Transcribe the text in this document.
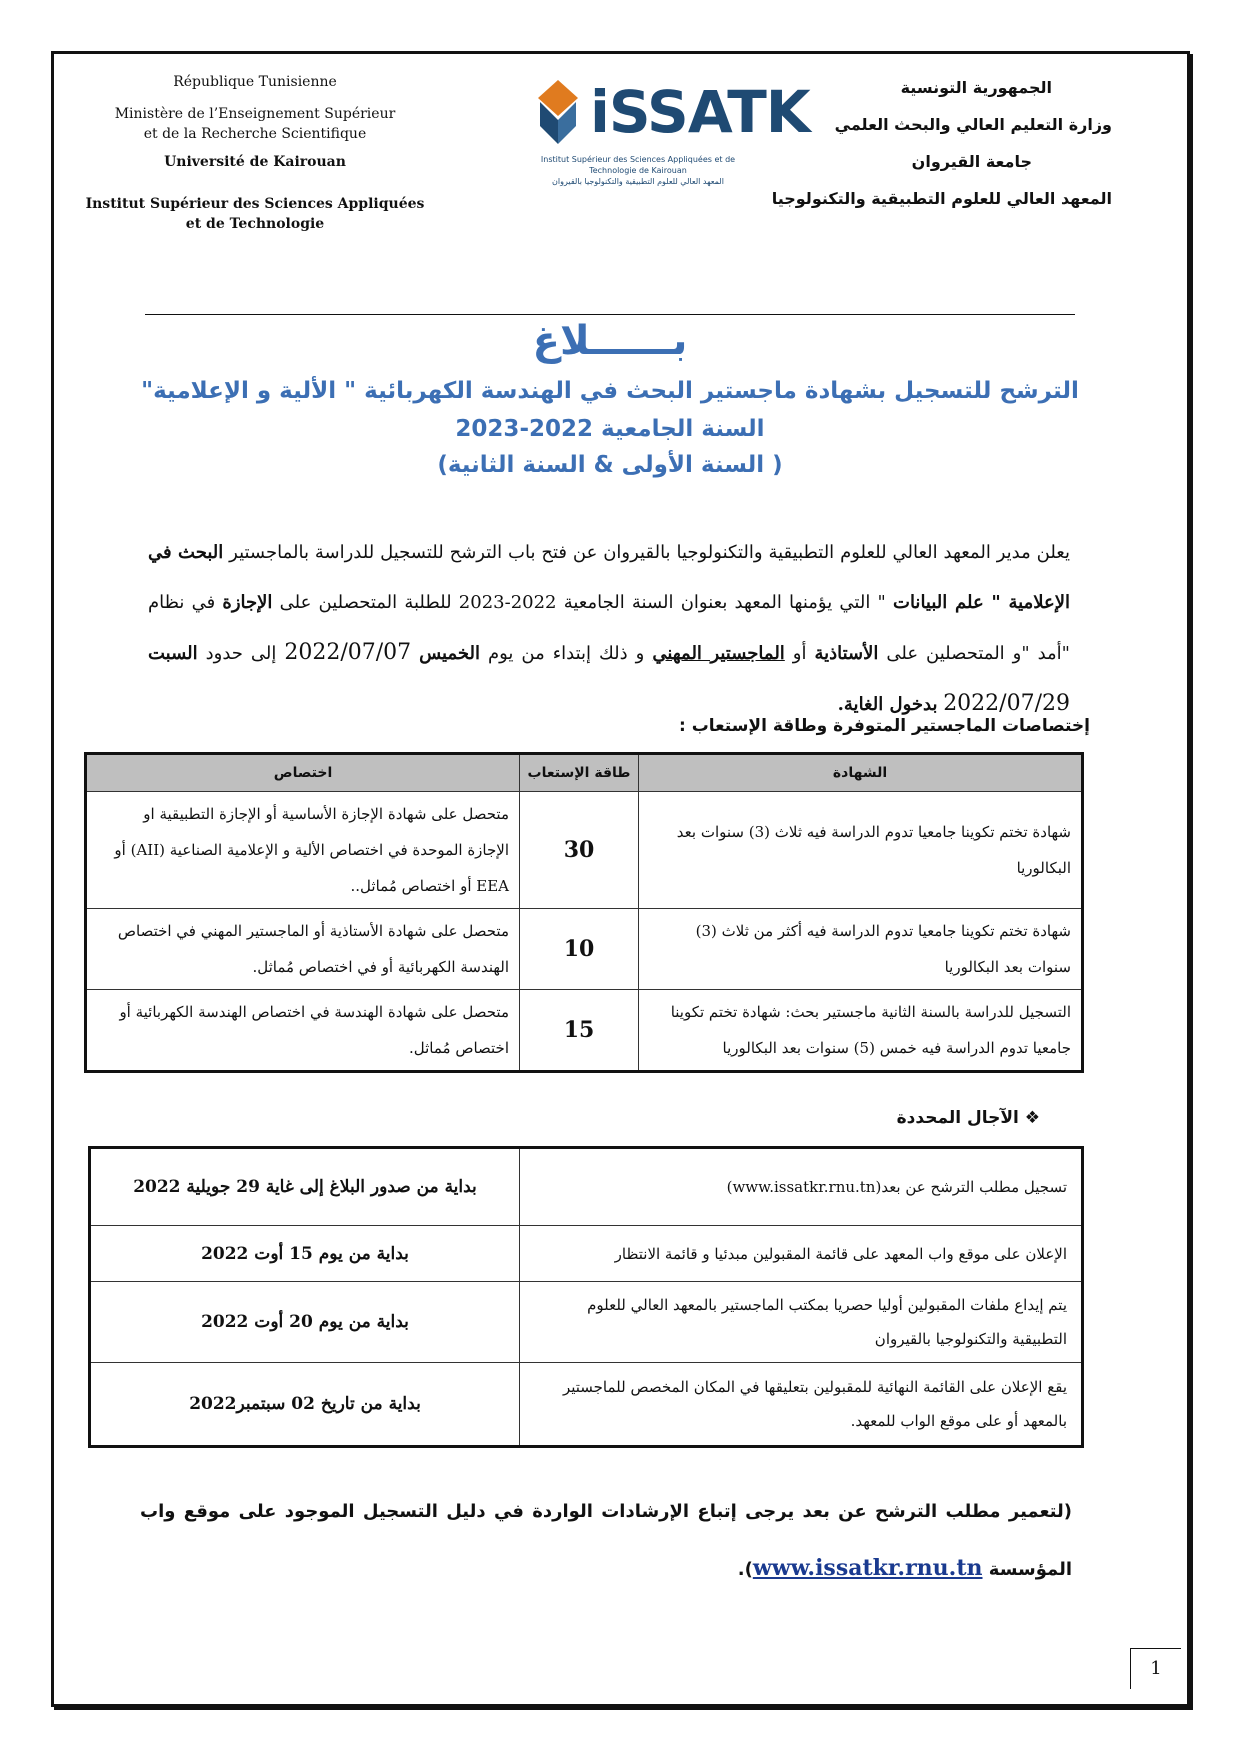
République Tunisienne
Ministère de l’Enseignement Supérieur
et de la Recherche Scientifique
Université de Kairouan
Institut Supérieur des Sciences Appliquées
et de Technologie
iSSATK
Institut Supérieur des Sciences Appliquées et de Technologie de Kairouan
المعهد العالي للعلوم التطبيقية والتكنولوجيا بالقيروان
الجمهورية التونسية
وزارة التعليم العالي والبحث العلمي
جامعة القيروان
المعهد العالي للعلوم التطبيقية والتكنولوجيا
بــــــلاغ
الترشح للتسجيل بشهادة ماجستير البحث في الهندسة الكهربائية " الألية و الإعلامية"
السنة الجامعية 2022-2023
( السنة الأولى & السنة الثانية)
يعلن مدير المعهد العالي للعلوم التطبيقية والتكنولوجيا بالقيروان عن فتح باب الترشح للتسجيل للدراسة بالماجستير البحث في الإعلامية " علم البيانات " التي يؤمنها المعهد بعنوان السنة الجامعية 2022-2023 للطلبة المتحصلين على الإجازة في نظام "أمد "و المتحصلين على الأستاذية أو الماجستير المهني و ذلك إبتداء من يوم الخميس 2022/07/07 إلى حدود السبت 2022/07/29 بدخول الغاية.
إختصاصات الماجستير المتوفرة وطاقة الإستعاب :
الشهادة	طاقة الإستعاب	اختصاص
شهادة تختم تكوينا جامعيا تدوم الدراسة فيه ثلاث (3) سنوات بعد البكالوريا	30	متحصل على شهادة الإجازة الأساسية أو الإجازة التطبيقية او الإجازة الموحدة في اختصاص الألية و الإعلامية الصناعية (AII) أو EEA أو اختصاص مُماثل..
شهادة تختم تكوينا جامعيا تدوم الدراسة فيه أكثر من ثلاث (3) سنوات بعد البكالوريا	10	متحصل على شهادة الأستاذية أو الماجستير المهني في اختصاص الهندسة الكهربائية أو في اختصاص مُماثل.
التسجيل للدراسة بالسنة الثانية ماجستير بحث: شهادة تختم تكوينا جامعيا تدوم الدراسة فيه خمس (5) سنوات بعد البكالوريا	15	متحصل على شهادة الهندسة في اختصاص الهندسة الكهربائية أو اختصاص مُماثل.
❖ الآجال المحددة
تسجيل مطلب الترشح عن بعد(www.issatkr.rnu.tn)	بداية من صدور البلاغ إلى غاية 29 جويلية 2022
الإعلان على موقع واب المعهد على قائمة المقبولين مبدئيا و قائمة الانتظار	بداية من يوم 15 أوت 2022
يتم إيداع ملفات المقبولين أوليا حصريا بمكتب الماجستير بالمعهد العالي للعلوم التطبيقية والتكنولوجيا بالقيروان	بداية من يوم 20 أوت 2022
يقع الإعلان على القائمة النهائية للمقبولين بتعليقها في المكان المخصص للماجستير بالمعهد أو على موقع الواب للمعهد.	بداية من تاريخ 02 سبتمبر2022
(لتعمير مطلب الترشح عن بعد يرجى إتباع الإرشادات الواردة في دليل التسجيل الموجود على موقع واب المؤسسة www.issatkr.rnu.tn).
1
